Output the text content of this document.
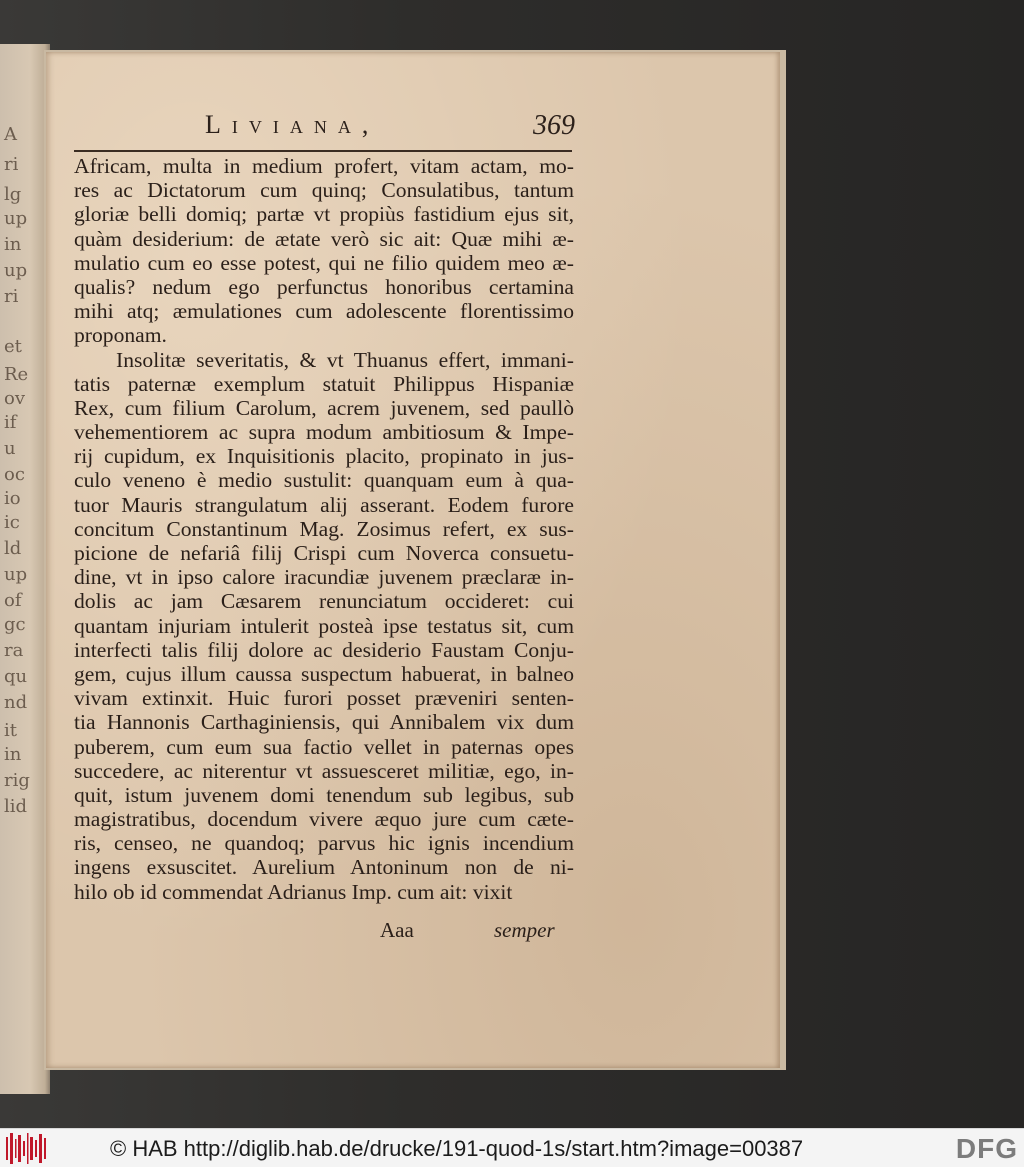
A
ri
lg
up
in
up
ri
et
Re
ov
if
u
oc
io
ic
ld
up
of
gc
ra
qu
nd
it
in
rig
lid
Liviana,	369
Africam, multa in medium profert, vitam actam, mo-
res ac Dictatorum cum quinq; Consulatibus, tantum
gloriæ belli domiq; partæ vt propiùs fastidium ejus sit,
quàm desiderium: de ætate verò sic ait: Quæ mihi æ-
mulatio cum eo esse potest, qui ne filio quidem meo æ-
qualis? nedum ego perfunctus honoribus certamina
mihi atq; æmulationes cum adolescente florentissimo
proponam.
Insolitæ severitatis, & vt Thuanus effert, immani-
tatis paternæ exemplum statuit Philippus Hispaniæ
Rex, cum filium Carolum, acrem juvenem, sed paullò
vehementiorem ac supra modum ambitiosum & Impe-
rij cupidum, ex Inquisitionis placito, propinato in jus-
culo veneno è medio sustulit: quanquam eum à qua-
tuor Mauris strangulatum alij asserant. Eodem furore
concitum Constantinum Mag. Zosimus refert, ex sus-
picione de nefariâ filij Crispi cum Noverca consuetu-
dine, vt in ipso calore iracundiæ juvenem præclaræ in-
dolis ac jam Cæsarem renunciatum occideret: cui
quantam injuriam intulerit posteà ipse testatus sit, cum
interfecti talis filij dolore ac desiderio Faustam Conju-
gem, cujus illum caussa suspectum habuerat, in balneo
vivam extinxit. Huic furori posset præveniri senten-
tia Hannonis Carthaginiensis, qui Annibalem vix dum
puberem, cum eum sua factio vellet in paternas opes
succedere, ac niterentur vt assuesceret militiæ, ego, in-
quit, istum juvenem domi tenendum sub legibus, sub
magistratibus, docendum vivere æquo jure cum cæte-
ris, censeo, ne quandoq; parvus hic ignis incendium
ingens exsuscitet. Aurelium Antoninum non de ni-
hilo ob id commendat Adrianus Imp. cum ait: vixit
Aaa	semper
© HAB http://diglib.hab.de/drucke/191-quod-1s/start.htm?image=00387	DFG
